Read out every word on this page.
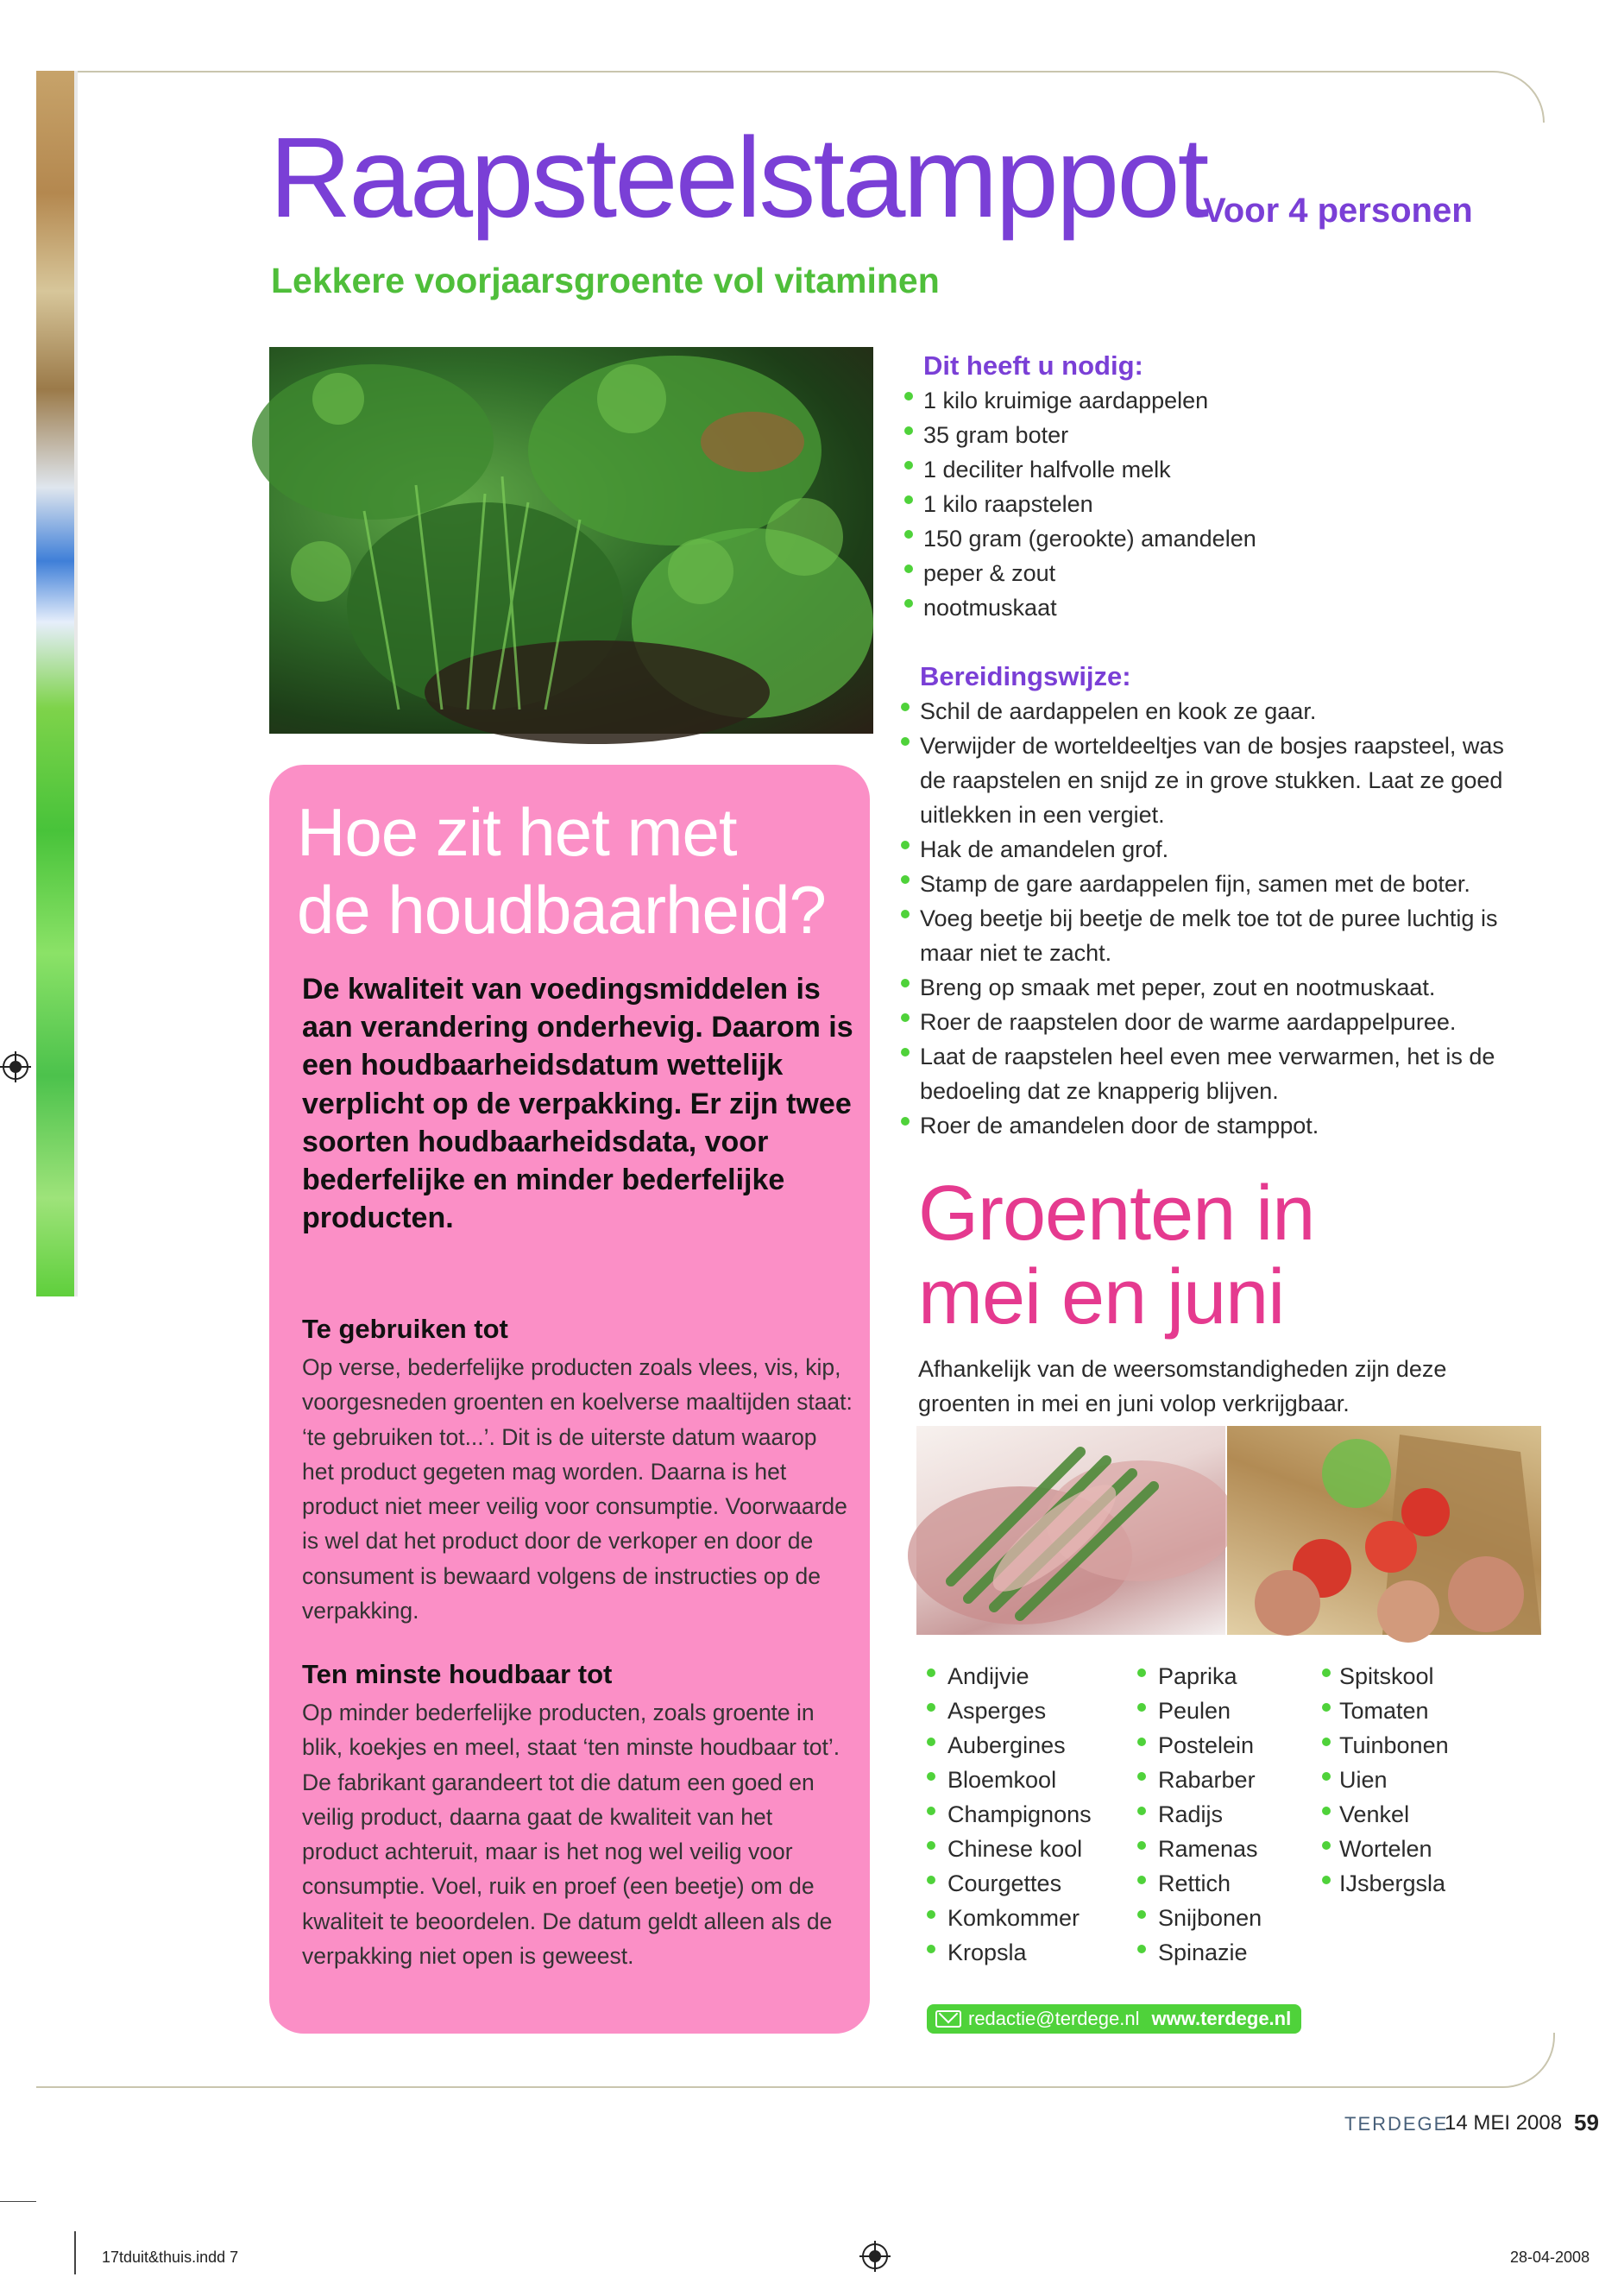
Raapsteelstamppot
Voor 4 personen
Lekkere voorjaarsgroente vol vitaminen
Hoe zit het met
de houdbaarheid?

De kwaliteit van voedingsmiddelen is aan verandering onderhevig. Daarom is een houdbaarheidsdatum wettelijk verplicht op de verpakking. Er zijn twee soorten houdbaarheidsdata, voor bederfelijke en minder bederfelijke producten.

Te gebruiken tot

Op verse, bederfelijke producten zoals vlees, vis, kip, voorgesneden groenten en koelverse maaltijden staat: ‘te gebruiken tot...’. Dit is de uiterste datum waarop het product gegeten mag worden. Daarna is het product niet meer veilig voor consumptie. Voorwaarde is wel dat het product door de verkoper en door de consument is bewaard volgens de instructies op de verpakking.

Ten minste houdbaar tot

Op minder bederfelijke producten, zoals groente in blik, koekjes en meel, staat ‘ten minste houdbaar tot’. De fabrikant garandeert tot die datum een goed en veilig product, daarna gaat de kwaliteit van het product achteruit, maar is het nog wel veilig voor consumptie. Voel, ruik en proef (een beetje) om de kwaliteit te beoordelen. De datum geldt alleen als de verpakking niet open is geweest.

Dit heeft u nodig:
1 kilo kruimige aardappelen
35 gram boter
1 deciliter halfvolle melk
1 kilo raapstelen
150 gram (gerookte) amandelen
peper & zout
nootmuskaat
Bereidingswijze:
Schil de aardappelen en kook ze gaar.
Verwijder de worteldeeltjes van de bosjes raapsteel, was de raapstelen en snijd ze in grove stukken. Laat ze goed uitlekken in een vergiet.
Hak de amandelen grof.
Stamp de gare aardappelen fijn, samen met de boter.
Voeg beetje bij beetje de melk toe tot de puree luchtig is maar niet te zacht.
Breng op smaak met peper, zout en nootmuskaat.
Roer de raapstelen door de warme aardappelpuree.
Laat de raapstelen heel even mee verwarmen, het is de bedoeling dat ze knapperig blijven.
Roer de amandelen door de stamppot.
Groenten in
mei en juni

Afhankelijk van de weersomstandigheden zijn deze groenten in mei en juni volop verkrijgbaar.

Andijvie
Asperges
Aubergines
Bloemkool
Champignons
Chinese kool
Courgettes
Komkommer
Kropsla
Paprika
Peulen
Postelein
Rabarber
Radijs
Ramenas
Rettich
Snijbonen
Spinazie
Spitskool
Tomaten
Tuinbonen
Uien
Venkel
Wortelen
IJsbergsla
redactie@terdege.nl www.terdege.nl
TERDEGE
14 MEI 2008 59
17tduit&thuis.indd 7	28-04-2008
